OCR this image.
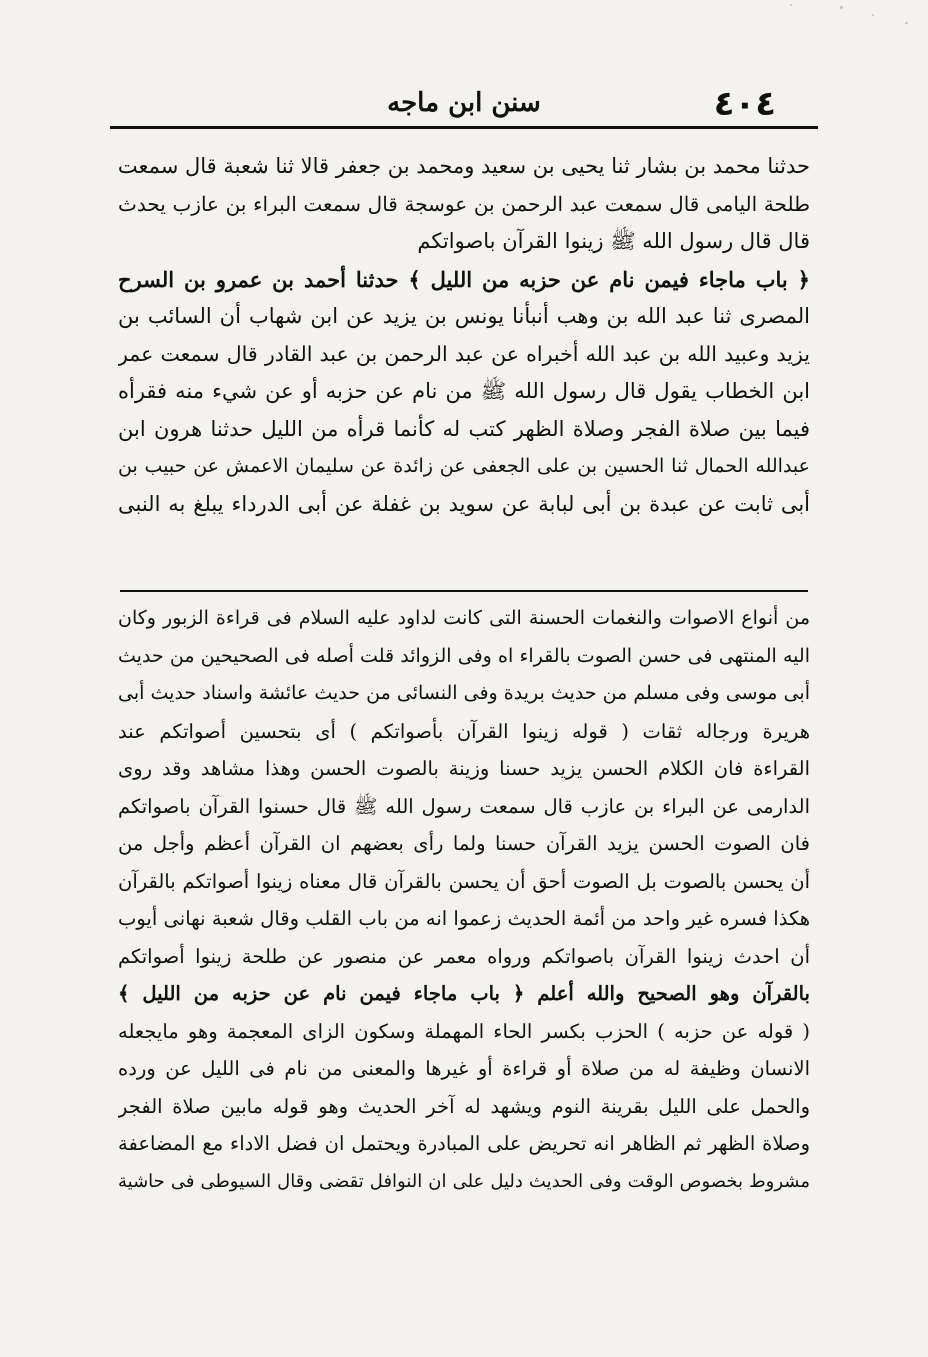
٤٠٤
سنن ابن ماجه
حدثنا محمد بن بشار ثنا يحيى بن سعيد ومحمد بن جعفر قالا ثنا شعبة قال سمعت
طلحة اليامى قال سمعت عبد الرحمن بن عوسجة قال سمعت البراء بن عازب يحدث
قال قال رسول الله ﷺ زينوا القرآن باصواتكم
﴿ باب ماجاء فيمن نام عن حزبه من الليل ﴾ حدثنا أحمد بن عمرو بن السرح
المصرى ثنا عبد الله بن وهب أنبأنا يونس بن يزيد عن ابن شهاب أن السائب بن
يزيد وعبيد الله بن عبد الله أخبراه عن عبد الرحمن بن عبد القادر قال سمعت عمر
ابن الخطاب يقول قال رسول الله ﷺ من نام عن حزبه أو عن شيء منه فقرأه
فيما بين صلاة الفجر وصلاة الظهر كتب له كأنما قرأه من الليل حدثنا هرون ابن
عبدالله الحمال ثنا الحسين بن على الجعفى عن زائدة عن سليمان الاعمش عن حبيب بن
أبى ثابت عن عبدة بن أبى لبابة عن سويد بن غفلة عن أبى الدرداء يبلغ به النبى
من أنواع الاصوات والنغمات الحسنة التى كانت لداود عليه السلام فى قراءة الزبور وكان
اليه المنتهى فى حسن الصوت بالقراء اه وفى الزوائد قلت أصله فى الصحيحين من حديث
أبى موسى وفى مسلم من حديث بريدة وفى النسائى من حديث عائشة واسناد حديث أبى
هريرة ورجاله ثقات ( قوله زينوا القرآن بأصواتكم ) أى بتحسين أصواتكم عند
القراءة فان الكلام الحسن يزيد حسنا وزينة بالصوت الحسن وهذا مشاهد وقد روى
الدارمى عن البراء بن عازب قال سمعت رسول الله ﷺ قال حسنوا القرآن باصواتكم
فان الصوت الحسن يزيد القرآن حسنا ولما رأى بعضهم ان القرآن أعظم وأجل من
أن يحسن بالصوت بل الصوت أحق أن يحسن بالقرآن قال معناه زينوا أصواتكم بالقرآن
هكذا فسره غير واحد من أئمة الحديث زعموا انه من باب القلب وقال شعبة نهانى أيوب
أن احدث زينوا القرآن باصواتكم ورواه معمر عن منصور عن طلحة زينوا أصواتكم
بالقرآن وهو الصحيح والله أعلم ﴿ باب ماجاء فيمن نام عن حزبه من الليل ﴾
( قوله عن حزبه ) الحزب بكسر الحاء المهملة وسكون الزاى المعجمة وهو مايجعله
الانسان وظيفة له من صلاة أو قراءة أو غيرها والمعنى من نام فى الليل عن ورده
والحمل على الليل بقرينة النوم ويشهد له آخر الحديث وهو قوله مابين صلاة الفجر
وصلاة الظهر ثم الظاهر انه تحريض على المبادرة ويحتمل ان فضل الاداء مع المضاعفة
مشروط بخصوص الوقت وفى الحديث دليل على ان النوافل تقضى وقال السيوطى فى حاشية
